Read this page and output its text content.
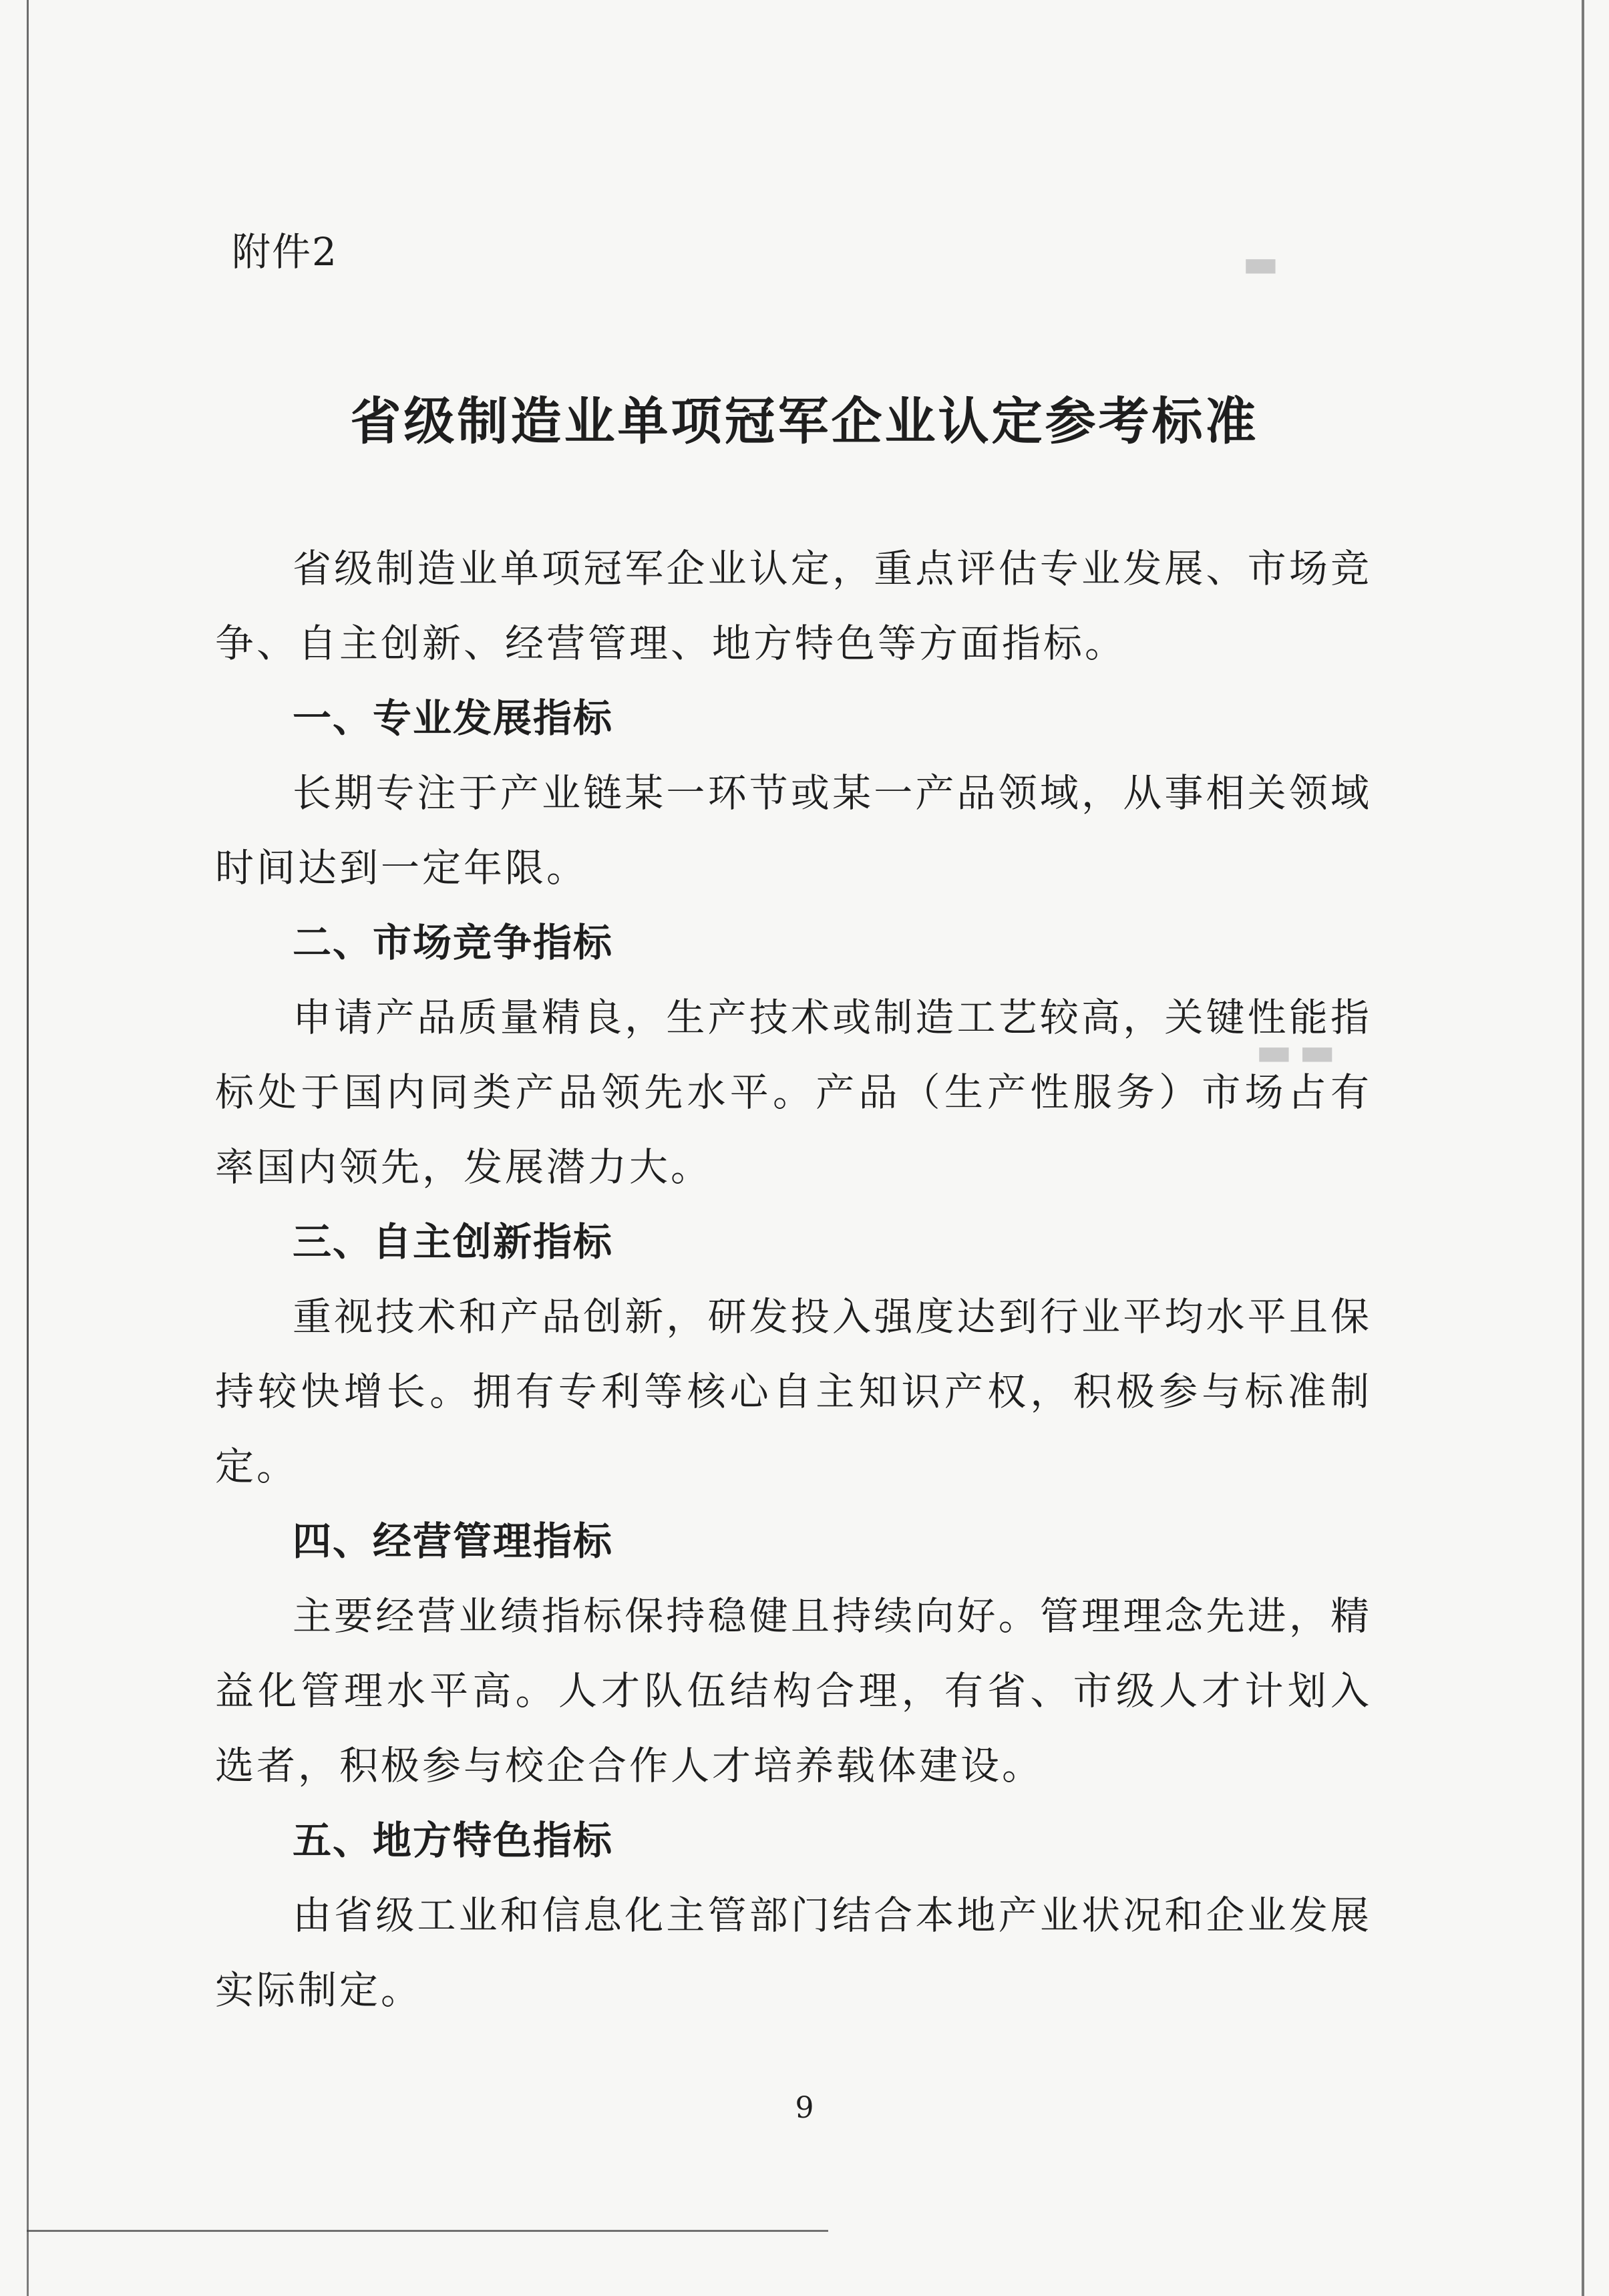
▬
▬▬
附件2
省级制造业单项冠军企业认定参考标准

省级制造业单项冠军企业认定，重点评估专业发展、市场竞争、自主创新、经营管理、地方特色等方面指标。

一、专业发展指标

长期专注于产业链某一环节或某一产品领域，从事相关领域时间达到一定年限。

二、市场竞争指标

申请产品质量精良，生产技术或制造工艺较高，关键性能指标处于国内同类产品领先水平。产品（生产性服务）市场占有率国内领先，发展潜力大。

三、自主创新指标

重视技术和产品创新，研发投入强度达到行业平均水平且保持较快增长。拥有专利等核心自主知识产权，积极参与标准制定。

四、经营管理指标

主要经营业绩指标保持稳健且持续向好。管理理念先进，精益化管理水平高。人才队伍结构合理，有省、市级人才计划入选者，积极参与校企合作人才培养载体建设。

五、地方特色指标

由省级工业和信息化主管部门结合本地产业状况和企业发展实际制定。

9
